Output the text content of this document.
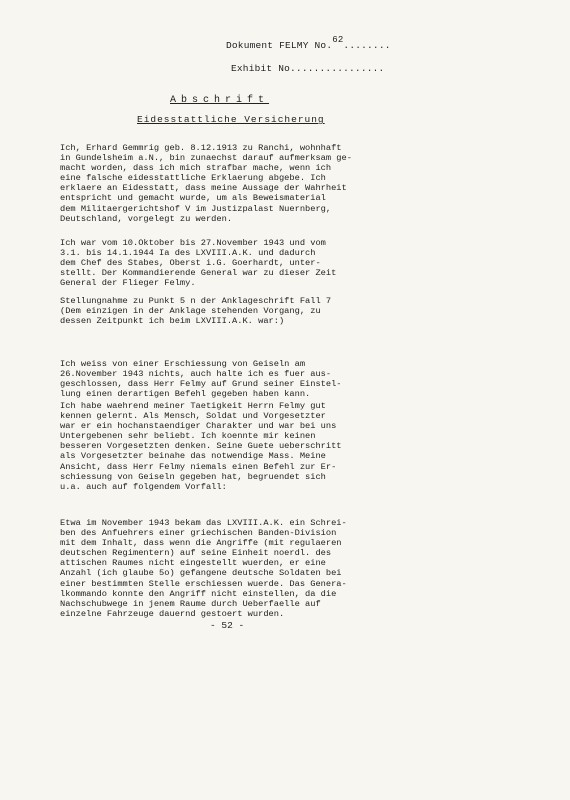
Dokument FELMY No.62........
Exhibit No................
Abschrift
Eidesstattliche Versicherung

Ich, Erhard Gemmrig geb. 8.12.1913 zu Ranchi, wohnhaft
in Gundelsheim a.N., bin zunaechst darauf aufmerksam ge-
macht worden, dass ich mich strafbar mache, wenn ich
eine falsche eidesstattliche Erklaerung abgebe. Ich
erklaere an Eidesstatt, dass meine Aussage der Wahrheit
entspricht und gemacht wurde, um als Beweismaterial
dem Militaergerichtshof V im Justizpalast Nuernberg,
Deutschland, vorgelegt zu werden.

Ich war vom 10.Oktober bis 27.November 1943 und vom
3.1. bis 14.1.1944 Ia des LXVIII.A.K. und dadurch
dem Chef des Stabes, Oberst i.G. Goerhardt, unter-
stellt. Der Kommandierende General war zu dieser Zeit
General der Flieger Felmy.

Stellungnahme zu Punkt 5 n der Anklageschrift Fall 7
(Dem einzigen in der Anklage stehenden Vorgang, zu
dessen Zeitpunkt ich beim LXVIII.A.K. war:)

Ich weiss von einer Erschiessung von Geiseln am
26.November 1943 nichts, auch halte ich es fuer aus-
geschlossen, dass Herr Felmy auf Grund seiner Einstel-
lung einen derartigen Befehl gegeben haben kann.

Ich habe waehrend meiner Taetigkeit Herrn Felmy gut
kennen gelernt. Als Mensch, Soldat und Vorgesetzter
war er ein hochanstaendiger Charakter und war bei uns
Untergebenen sehr beliebt. Ich koennte mir keinen
besseren Vorgesetzten denken. Seine Guete ueberschritt
als Vorgesetzter beinahe das notwendige Mass. Meine
Ansicht, dass Herr Felmy niemals einen Befehl zur Er-
schiessung von Geiseln gegeben hat, begruendet sich
u.a. auch auf folgendem Vorfall:

Etwa im November 1943 bekam das LXVIII.A.K. ein Schrei-
ben des Anfuehrers einer griechischen Banden-Division
mit dem Inhalt, dass wenn die Angriffe (mit regulaeren
deutschen Regimentern) auf seine Einheit noerdl. des
attischen Raumes nicht eingestellt wuerden, er eine
Anzahl (ich glaube 5o) gefangene deutsche Soldaten bei
einer bestimmten Stelle erschiessen wuerde. Das Genera-
lkommando konnte den Angriff nicht einstellen, da die
Nachschubwege in jenem Raume durch Ueberfaelle auf
einzelne Fahrzeuge dauernd gestoert wurden.

- 52 -
